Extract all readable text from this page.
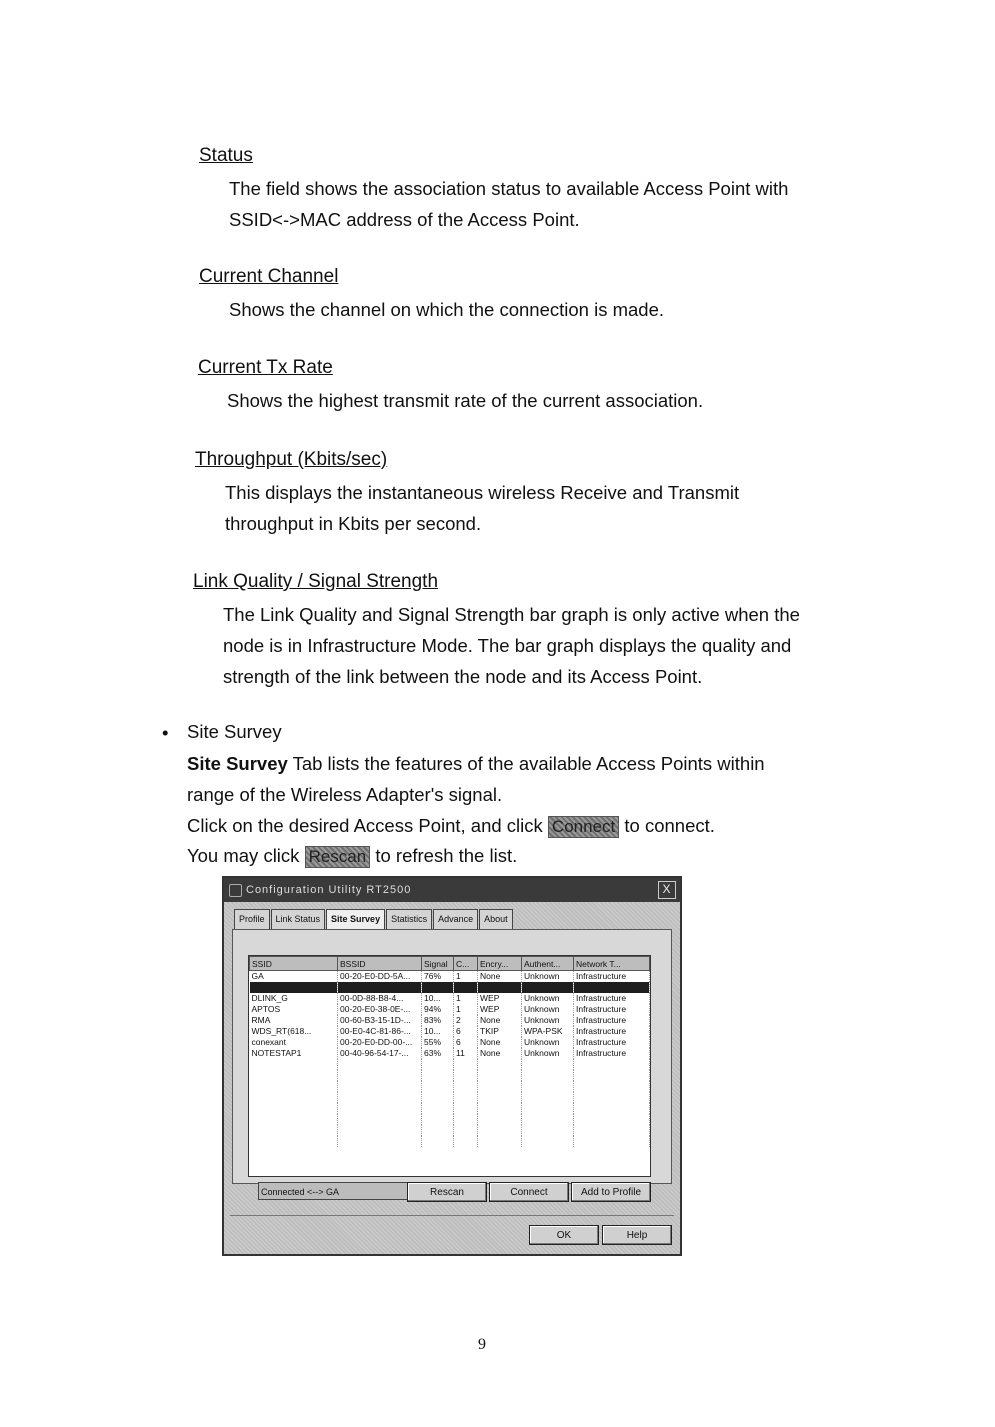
Status
The field shows the association status to available Access Point with
SSID<->MAC address of the Access Point.
Current Channel
Shows the channel on which the connection is made.
Current Tx Rate
Shows the highest transmit rate of the current association.
Throughput (Kbits/sec)
This displays the instantaneous wireless Receive and Transmit
throughput in Kbits per second.
Link Quality / Signal Strength
The Link Quality and Signal Strength bar graph is only active when the
node is in Infrastructure Mode. The bar graph displays the quality and
strength of the link between the node and its Access Point.
• Site Survey
Site Survey Tab lists the features of the available Access Points within
range of the Wireless Adapter's signal.
Click on the desired Access Point, and click Connect to connect.
You may click Rescan to refresh the list.
Configuration Utility RT2500	X
Profile	Link Status	Site Survey	Statistics	Advance	About
SSID	BSSID	Signal	C...	Encry...	Authent...	Network T...
GA	00-20-E0-DD-5A...	76%	1	None	Unknown	Infrastructure

DLINK_G	00-0D-88-B8-4...	10...	1	WEP	Unknown	Infrastructure
APTOS	00-20-E0-38-0E-...	94%	1	WEP	Unknown	Infrastructure
RMA	00-60-B3-15-1D-...	83%	2	None	Unknown	Infrastructure
WDS_RT(618...	00-E0-4C-81-86-...	10...	6	TKIP	WPA-PSK	Infrastructure
conexant	00-20-E0-DD-00-...	55%	6	None	Unknown	Infrastructure
NOTESTAP1	00-40-96-54-17-...	63%	11	None	Unknown	Infrastructure

Connected <--> GA	Rescan	Connect	Add to Profile
OK	Help
9
